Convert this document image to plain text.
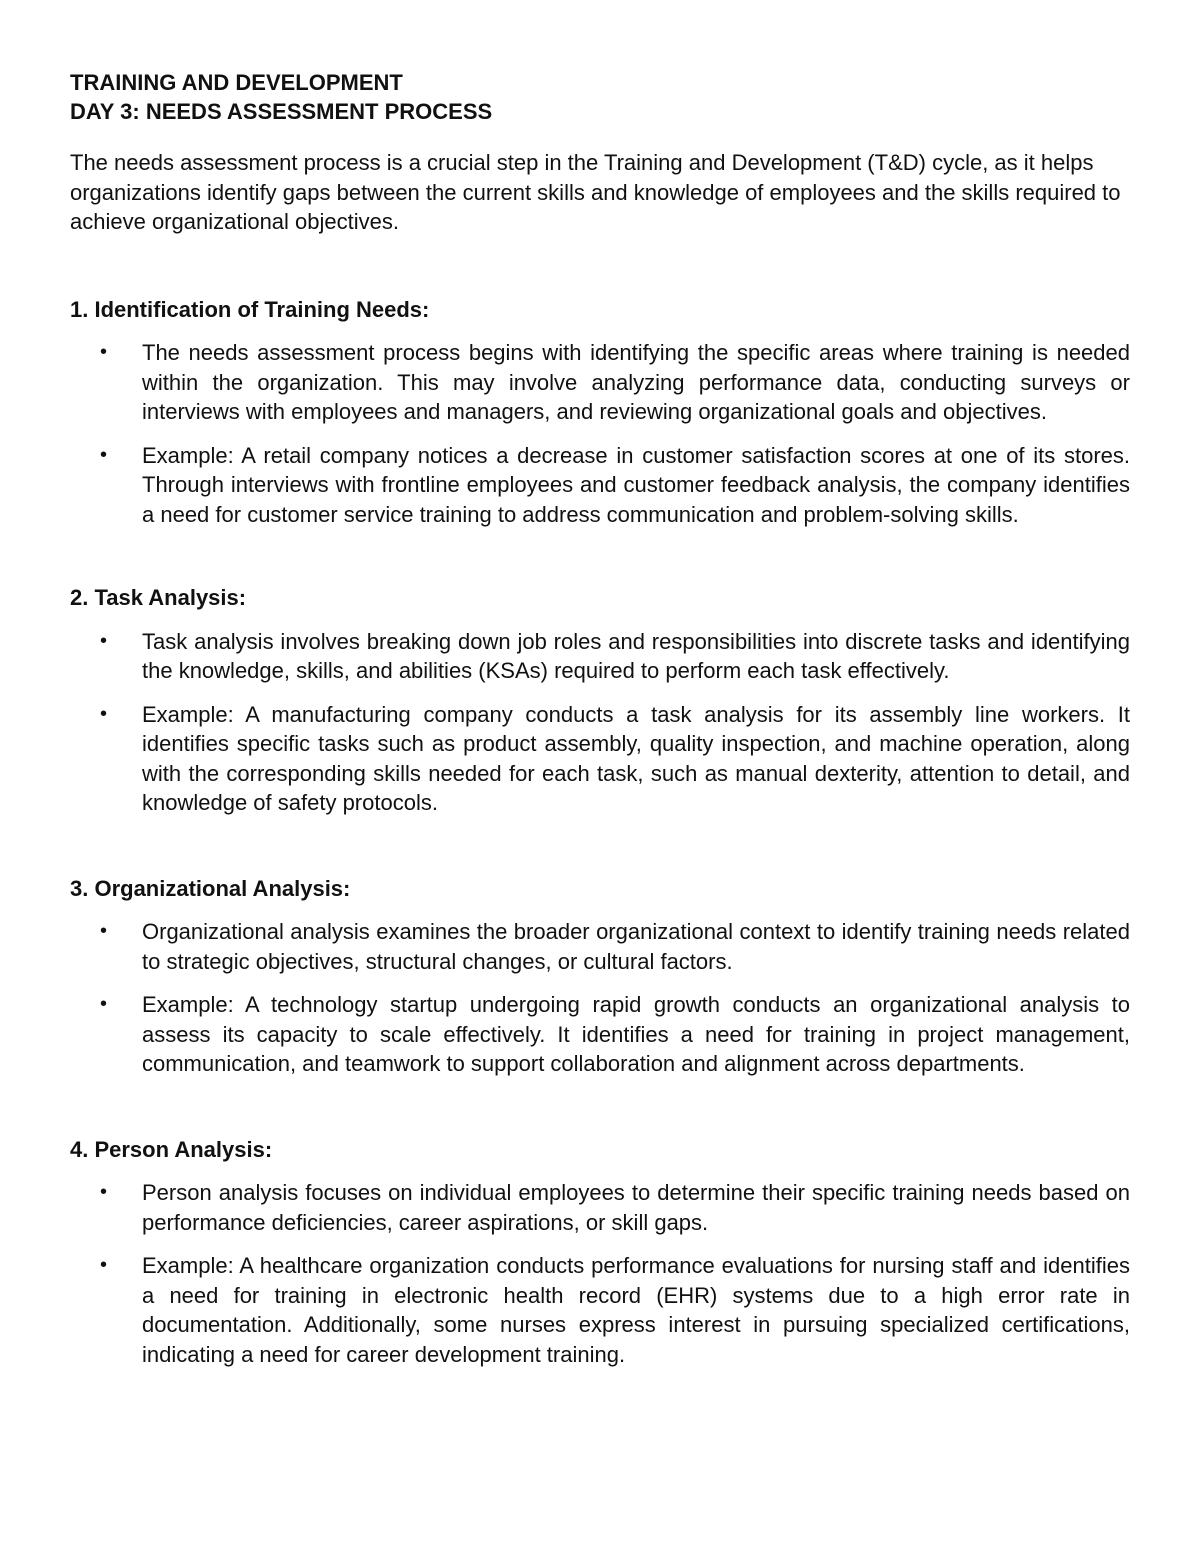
TRAINING AND DEVELOPMENT
DAY 3: NEEDS ASSESSMENT PROCESS

The needs assessment process is a crucial step in the Training and Development (T&D) cycle, as it helps organizations identify gaps between the current skills and knowledge of employees and the skills required to achieve organizational objectives.

1. Identification of Training Needs:
• The needs assessment process begins with identifying the specific areas where training is needed within the organization. This may involve analyzing performance data, conducting surveys or interviews with employees and managers, and reviewing organizational goals and objectives.
• Example: A retail company notices a decrease in customer satisfaction scores at one of its stores. Through interviews with frontline employees and customer feedback analysis, the company identifies a need for customer service training to address communication and problem-solving skills.
2. Task Analysis:
• Task analysis involves breaking down job roles and responsibilities into discrete tasks and identifying the knowledge, skills, and abilities (KSAs) required to perform each task effectively.
• Example: A manufacturing company conducts a task analysis for its assembly line workers. It identifies specific tasks such as product assembly, quality inspection, and machine operation, along with the corresponding skills needed for each task, such as manual dexterity, attention to detail, and knowledge of safety protocols.
3. Organizational Analysis:
• Organizational analysis examines the broader organizational context to identify training needs related to strategic objectives, structural changes, or cultural factors.
• Example: A technology startup undergoing rapid growth conducts an organizational analysis to assess its capacity to scale effectively. It identifies a need for training in project management, communication, and teamwork to support collaboration and alignment across departments.
4. Person Analysis:
• Person analysis focuses on individual employees to determine their specific training needs based on performance deficiencies, career aspirations, or skill gaps.
• Example: A healthcare organization conducts performance evaluations for nursing staff and identifies a need for training in electronic health record (EHR) systems due to a high error rate in documentation. Additionally, some nurses express interest in pursuing specialized certifications, indicating a need for career development training.
